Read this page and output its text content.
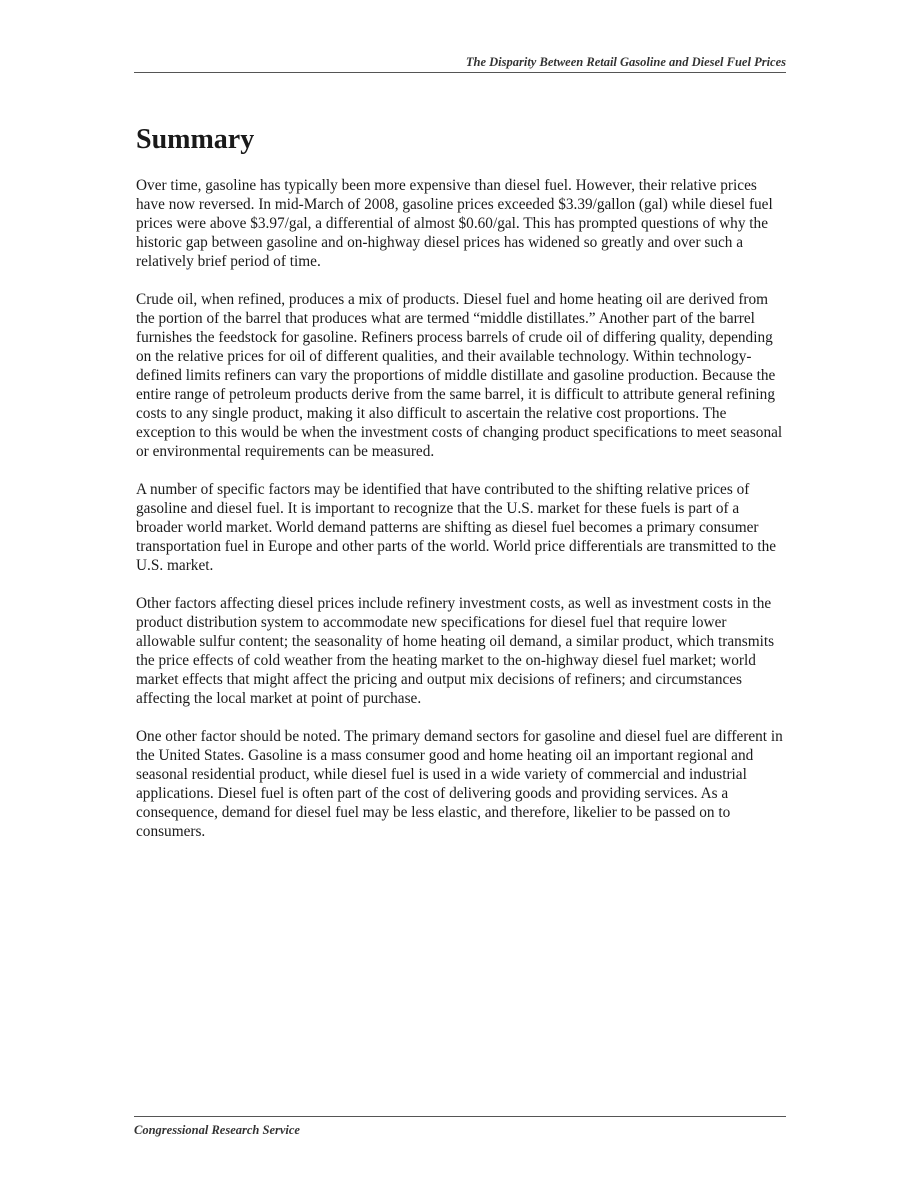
The Disparity Between Retail Gasoline and Diesel Fuel Prices
Summary

Over time, gasoline has typically been more expensive than diesel fuel. However, their relative prices have now reversed. In mid-March of 2008, gasoline prices exceeded $3.39/gallon (gal) while diesel fuel prices were above $3.97/gal, a differential of almost $0.60/gal. This has prompted questions of why the historic gap between gasoline and on-highway diesel prices has widened so greatly and over such a relatively brief period of time.

Crude oil, when refined, produces a mix of products. Diesel fuel and home heating oil are derived from the portion of the barrel that produces what are termed “middle distillates.” Another part of the barrel furnishes the feedstock for gasoline. Refiners process barrels of crude oil of differing quality, depending on the relative prices for oil of different qualities, and their available technology. Within technology-defined limits refiners can vary the proportions of middle distillate and gasoline production. Because the entire range of petroleum products derive from the same barrel, it is difficult to attribute general refining costs to any single product, making it also difficult to ascertain the relative cost proportions. The exception to this would be when the investment costs of changing product specifications to meet seasonal or environmental requirements can be measured.

A number of specific factors may be identified that have contributed to the shifting relative prices of gasoline and diesel fuel. It is important to recognize that the U.S. market for these fuels is part of a broader world market. World demand patterns are shifting as diesel fuel becomes a primary consumer transportation fuel in Europe and other parts of the world. World price differentials are transmitted to the U.S. market.

Other factors affecting diesel prices include refinery investment costs, as well as investment costs in the product distribution system to accommodate new specifications for diesel fuel that require lower allowable sulfur content; the seasonality of home heating oil demand, a similar product, which transmits the price effects of cold weather from the heating market to the on-highway diesel fuel market; world market effects that might affect the pricing and output mix decisions of refiners; and circumstances affecting the local market at point of purchase.

One other factor should be noted. The primary demand sectors for gasoline and diesel fuel are different in the United States. Gasoline is a mass consumer good and home heating oil an important regional and seasonal residential product, while diesel fuel is used in a wide variety of commercial and industrial applications. Diesel fuel is often part of the cost of delivering goods and providing services. As a consequence, demand for diesel fuel may be less elastic, and therefore, likelier to be passed on to consumers.

Congressional Research Service
